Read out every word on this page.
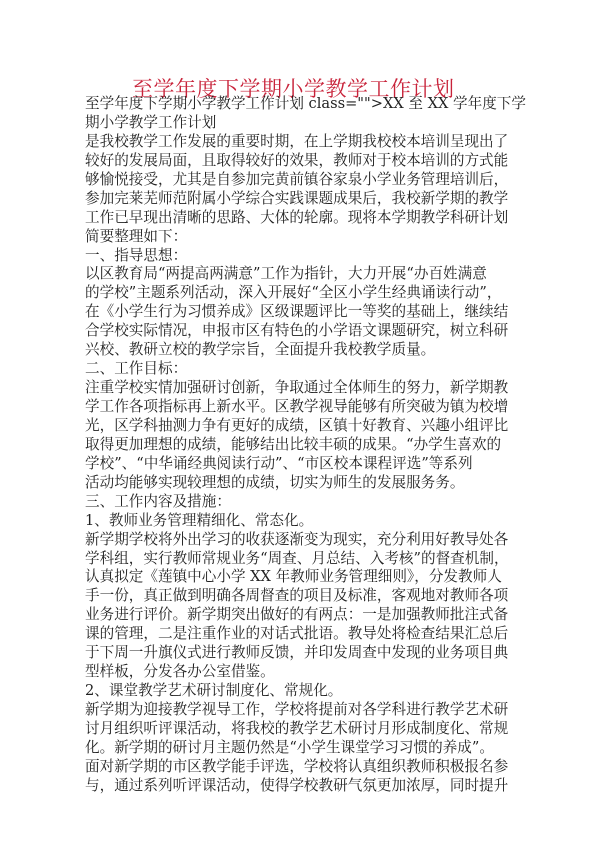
至学年度下学期小学教学工作计划
至学年度下学期小学教学工作计划 class="">XX 至 XX 学年度下学
期小学教学工作计划
是我校教学工作发展的重要时期，在上学期我校校本培训呈现出了
较好的发展局面，且取得较好的效果，教师对于校本培训的方式能
够愉悦接受，尤其是自参加完黄前镇谷家泉小学业务管理培训后，
参加完莱芜师范附属小学综合实践课题成果后，我校新学期的教学
工作已早现出清晰的思路、大体的轮廓。现将本学期教学科研计划
简要整理如下：
一、指导思想：
以区教育局“两提高两满意”工作为指针，大力开展“办百姓满意
的学校”主题系列活动，深入开展好“全区小学生经典诵读行动”，
在《小学生行为习惯养成》区级课题评比一等奖的基础上，继续结
合学校实际情况，申报市区有特色的小学语文课题研究，树立科研
兴校、教研立校的教学宗旨，全面提升我校教学质量。
二、工作目标：
注重学校实情加强研讨创新，争取通过全体师生的努力，新学期教
学工作各项指标再上新水平。区教学视导能够有所突破为镇为校增
光，区学科抽测力争有更好的成绩，区镇十好教育、兴趣小组评比
取得更加理想的成绩，能够结出比较丰硕的成果。“办学生喜欢的
学校”、“中华诵经典阅读行动”、“市区校本课程评选”等系列
活动均能够实现较理想的成绩，切实为师生的发展服务务。
三、工作内容及措施：
1、教师业务管理精细化、常态化。
新学期学校将外出学习的收获逐渐变为现实，充分利用好教导处各
学科组，实行教师常规业务“周查、月总结、入考核”的督查机制，
认真拟定《莲镇中心小学 XX 年教师业务管理细则》，分发教师人
手一份，真正做到明确各周督查的项目及标准，客观地对教师各项
业务进行评价。新学期突出做好的有两点：一是加强教师批注式备
课的管理，二是注重作业的对话式批语。教导处将检查结果汇总后
于下周一升旗仪式进行教师反馈，并印发周查中发现的业务项目典
型样板，分发各办公室借鉴。
2、课堂教学艺术研讨制度化、常规化。
新学期为迎接教学视导工作，学校将提前对各学科进行教学艺术研
讨月组织听评课活动，将我校的教学艺术研讨月形成制度化、常规
化。新学期的研讨月主题仍然是“小学生课堂学习习惯的养成”。
面对新学期的市区教学能手评选，学校将认真组织教师积极报名参
与，通过系列听评课活动，使得学校教研气氛更加浓厚，同时提升
